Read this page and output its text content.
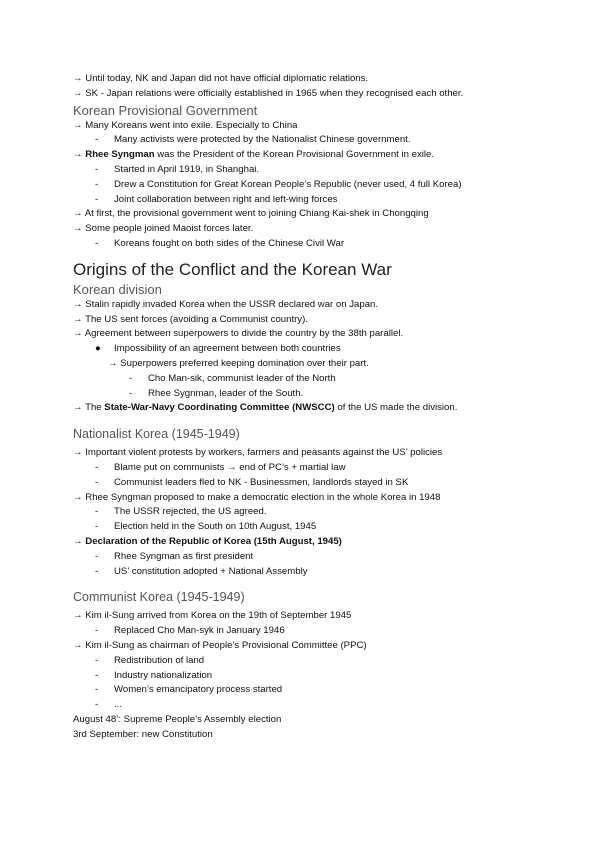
→ Until today, NK and Japan did not have official diplomatic relations.
→ SK - Japan relations were officially established in 1965 when they recognised each other.
Korean Provisional Government
→ Many Koreans went into exile. Especially to China
- Many activists were protected by the Nationalist Chinese government.
→ Rhee Syngman was the President of the Korean Provisional Government in exile.
- Started in April 1919, in Shanghai.
- Drew a Constitution for Great Korean People’s Republic (never used, 4 full Korea)
- Joint collaboration between right and left-wing forces
→ At first, the provisional government went to joining Chiang Kai-shek in Chongqing
→ Some people joined Maoist forces later.
- Koreans fought on both sides of the Chinese Civil War
Origins of the Conflict and the Korean War
Korean division
→ Stalin rapidly invaded Korea when the USSR declared war on Japan.
→ The US sent forces (avoiding a Communist country).
→ Agreement between superpowers to divide the country by the 38th parallel.
● Impossibility of an agreement between both countries
→ Superpowers preferred keeping domination over their part.
- Cho Man-sik, communist leader of the North
- Rhee Sygnman, leader of the South.
→ The State-War-Navy Coordinating Committee (NWSCC) of the US made the division.
Nationalist Korea (1945-1949)
→ Important violent protests by workers, farmers and peasants against the US’ policies
- Blame put on communists → end of PC’s + martial law
- Communist leaders fled to NK - Businessmen, landlords stayed in SK
→ Rhee Syngman proposed to make a democratic election in the whole Korea in 1948
- The USSR rejected, the US agreed.
- Election held in the South on 10th August, 1945
→ Declaration of the Republic of Korea (15th August, 1945)
- Rhee Syngman as first president
- US’ constitution adopted + National Assembly
Communist Korea (1945-1949)
→ Kim il-Sung arrived from Korea on the 19th of September 1945
- Replaced Cho Man-syk in January 1946
→ Kim il-Sung as chairman of People’s Provisional Committee (PPC)
- Redistribution of land
- Industry nationalization
- Women’s emancipatory process started
- ...
August 48’: Supreme People’s Assembly election
3rd September: new Constitution
